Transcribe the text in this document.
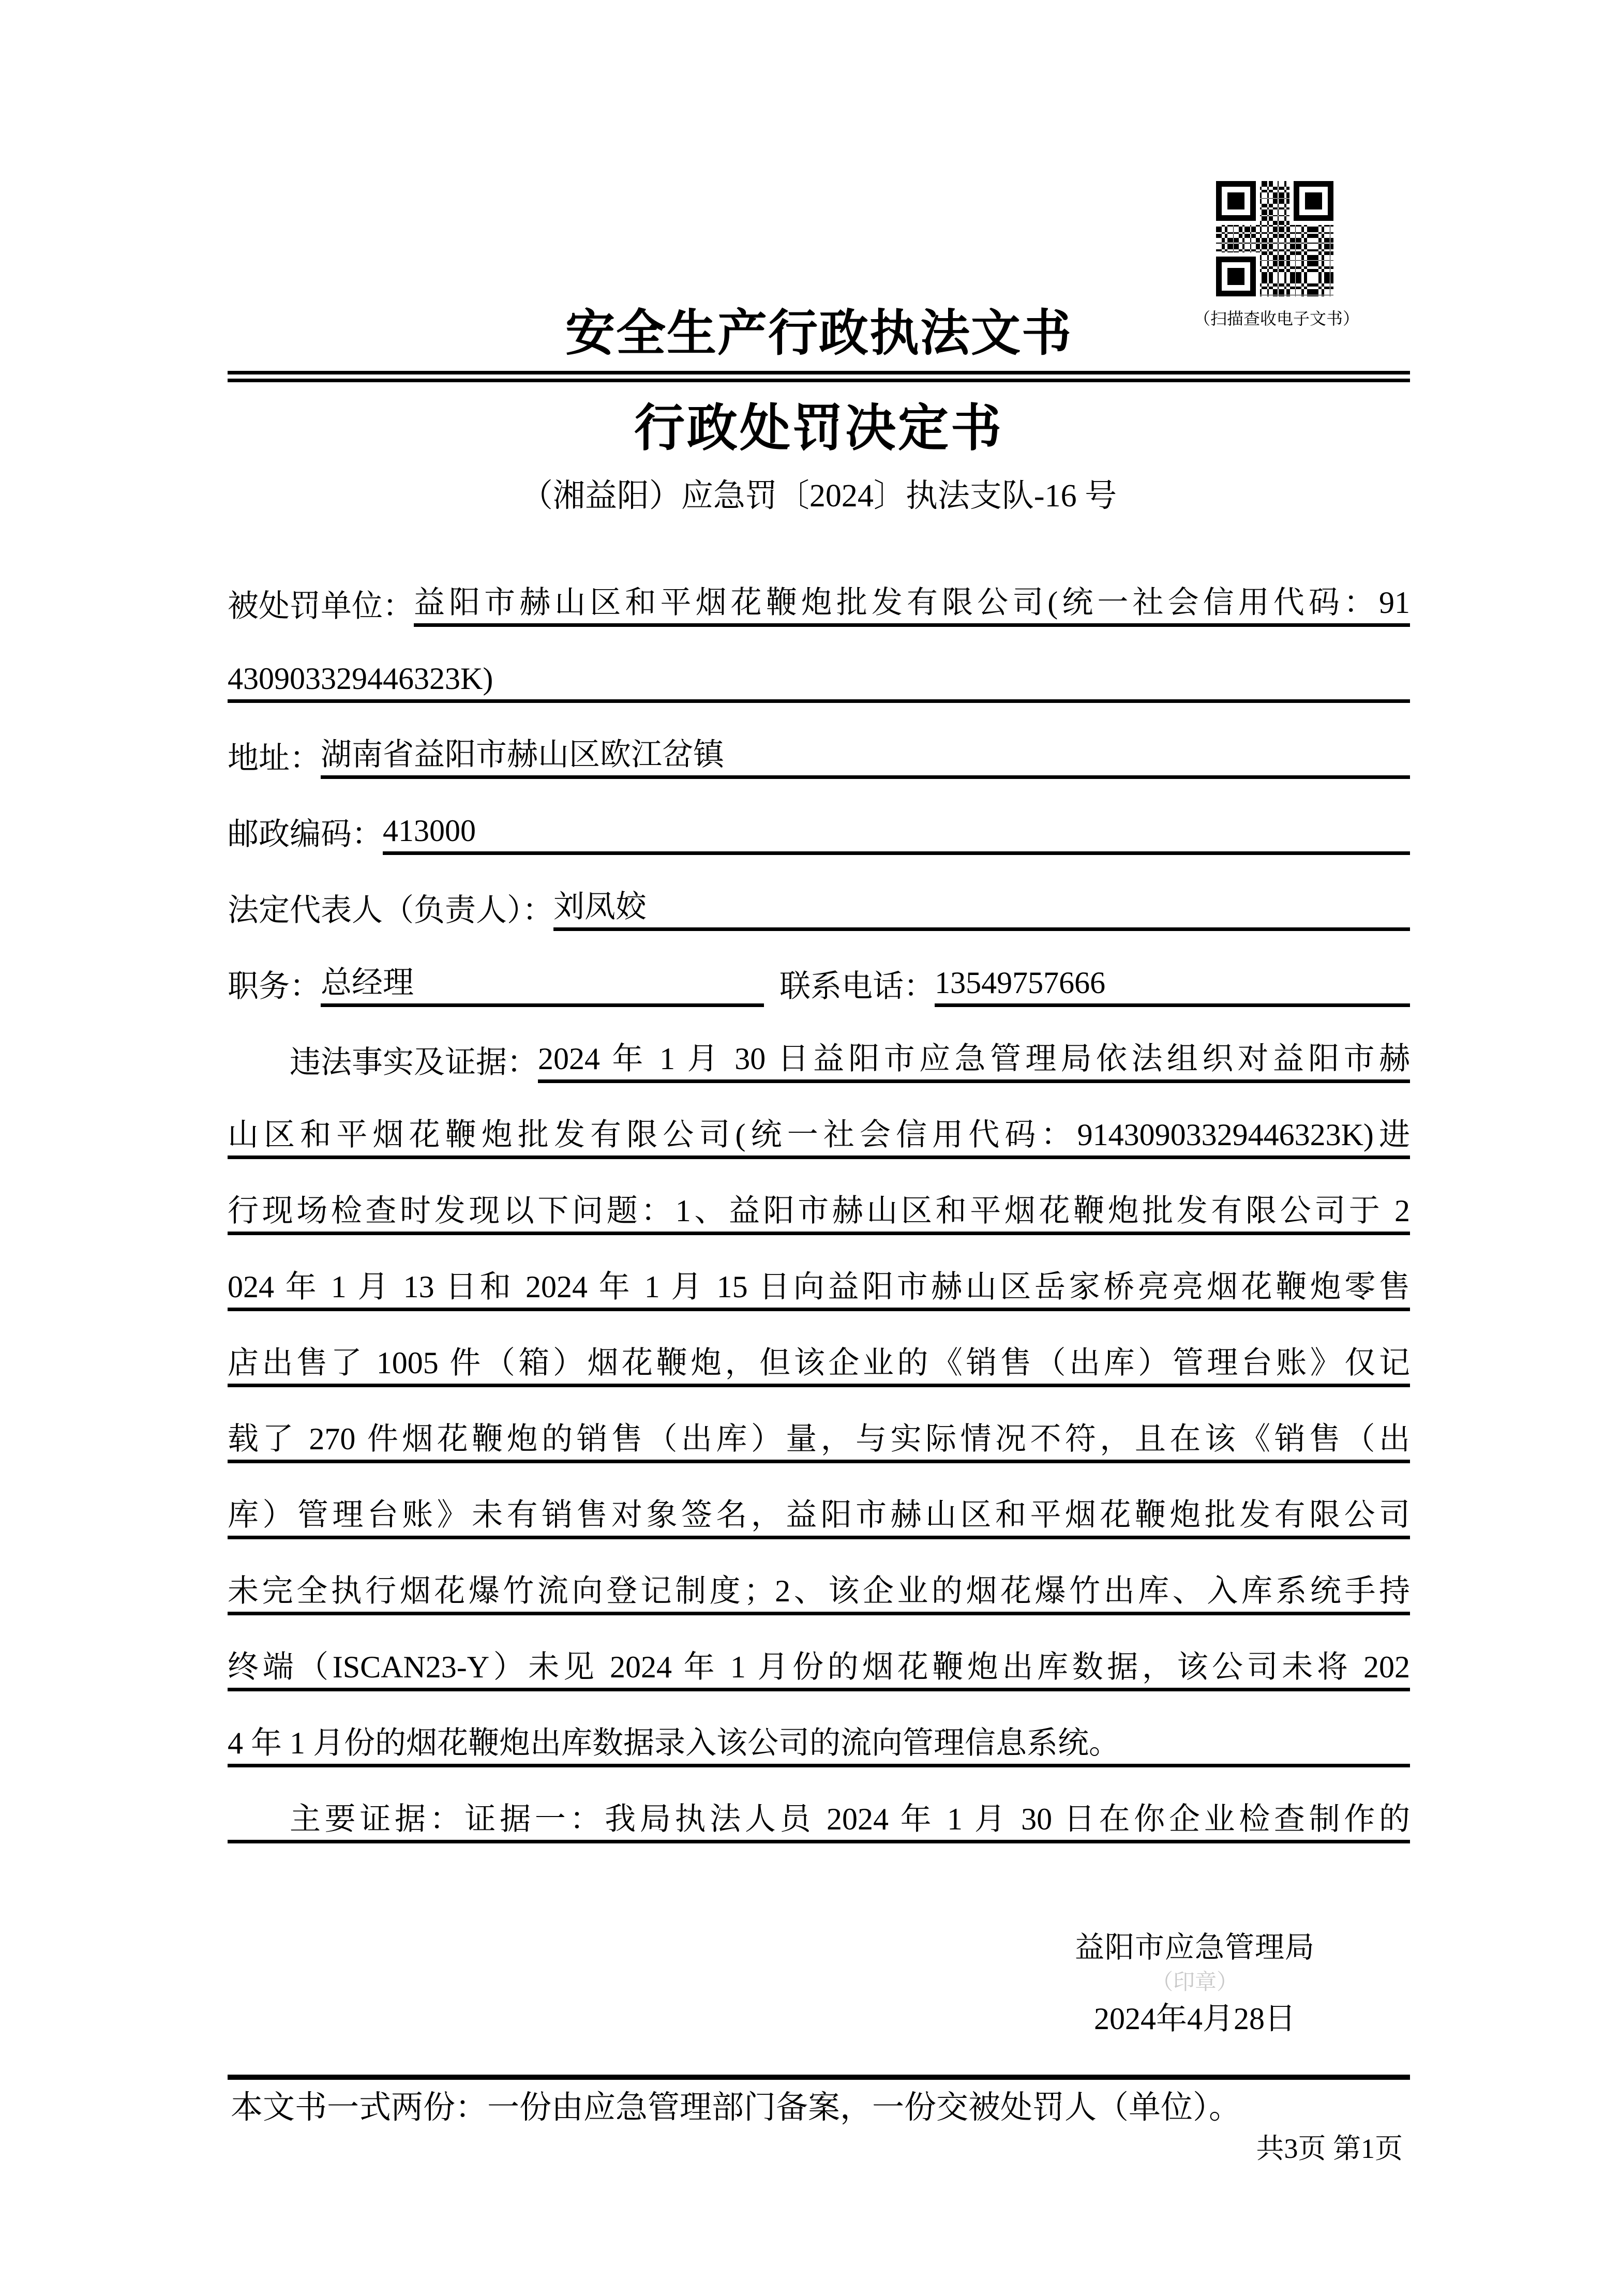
（扫描查收电子文书）
安全生产行政执法文书
行政处罚决定书
（湘益阳）应急罚〔2024〕执法支队-16 号
被处罚单位： 益阳市赫山区和平烟花鞭炮批发有限公司(统一社会信用代码：91
430903329446323K)
地址： 湖南省益阳市赫山区欧江岔镇
邮政编码： 413000
法定代表人（负责人）： 刘凤姣
职务： 总经理	联系电话： 13549757666
违法事实及证据： 2024 年 1 月 30 日益阳市应急管理局依法组织对益阳市赫
山区和平烟花鞭炮批发有限公司(统一社会信用代码：91430903329446323K)进
行现场检查时发现以下问题：1、益阳市赫山区和平烟花鞭炮批发有限公司于 2
024 年 1 月 13 日和 2024 年 1 月 15 日向益阳市赫山区岳家桥亮亮烟花鞭炮零售
店出售了 1005 件（箱）烟花鞭炮，但该企业的《销售（出库）管理台账》仅记
载了 270 件烟花鞭炮的销售（出库）量，与实际情况不符，且在该《销售（出
库）管理台账》未有销售对象签名，益阳市赫山区和平烟花鞭炮批发有限公司
未完全执行烟花爆竹流向登记制度；2、该企业的烟花爆竹出库、入库系统手持
终端（ISCAN23-Y）未见 2024 年 1 月份的烟花鞭炮出库数据，该公司未将 202
4 年 1 月份的烟花鞭炮出库数据录入该公司的流向管理信息系统。
主要证据：证据一：我局执法人员 2024 年 1 月 30 日在你企业检查制作的
益阳市应急管理局
（印章）
2024年4月28日
本文书一式两份：一份由应急管理部门备案，一份交被处罚人（单位）。
共3页 第1页
